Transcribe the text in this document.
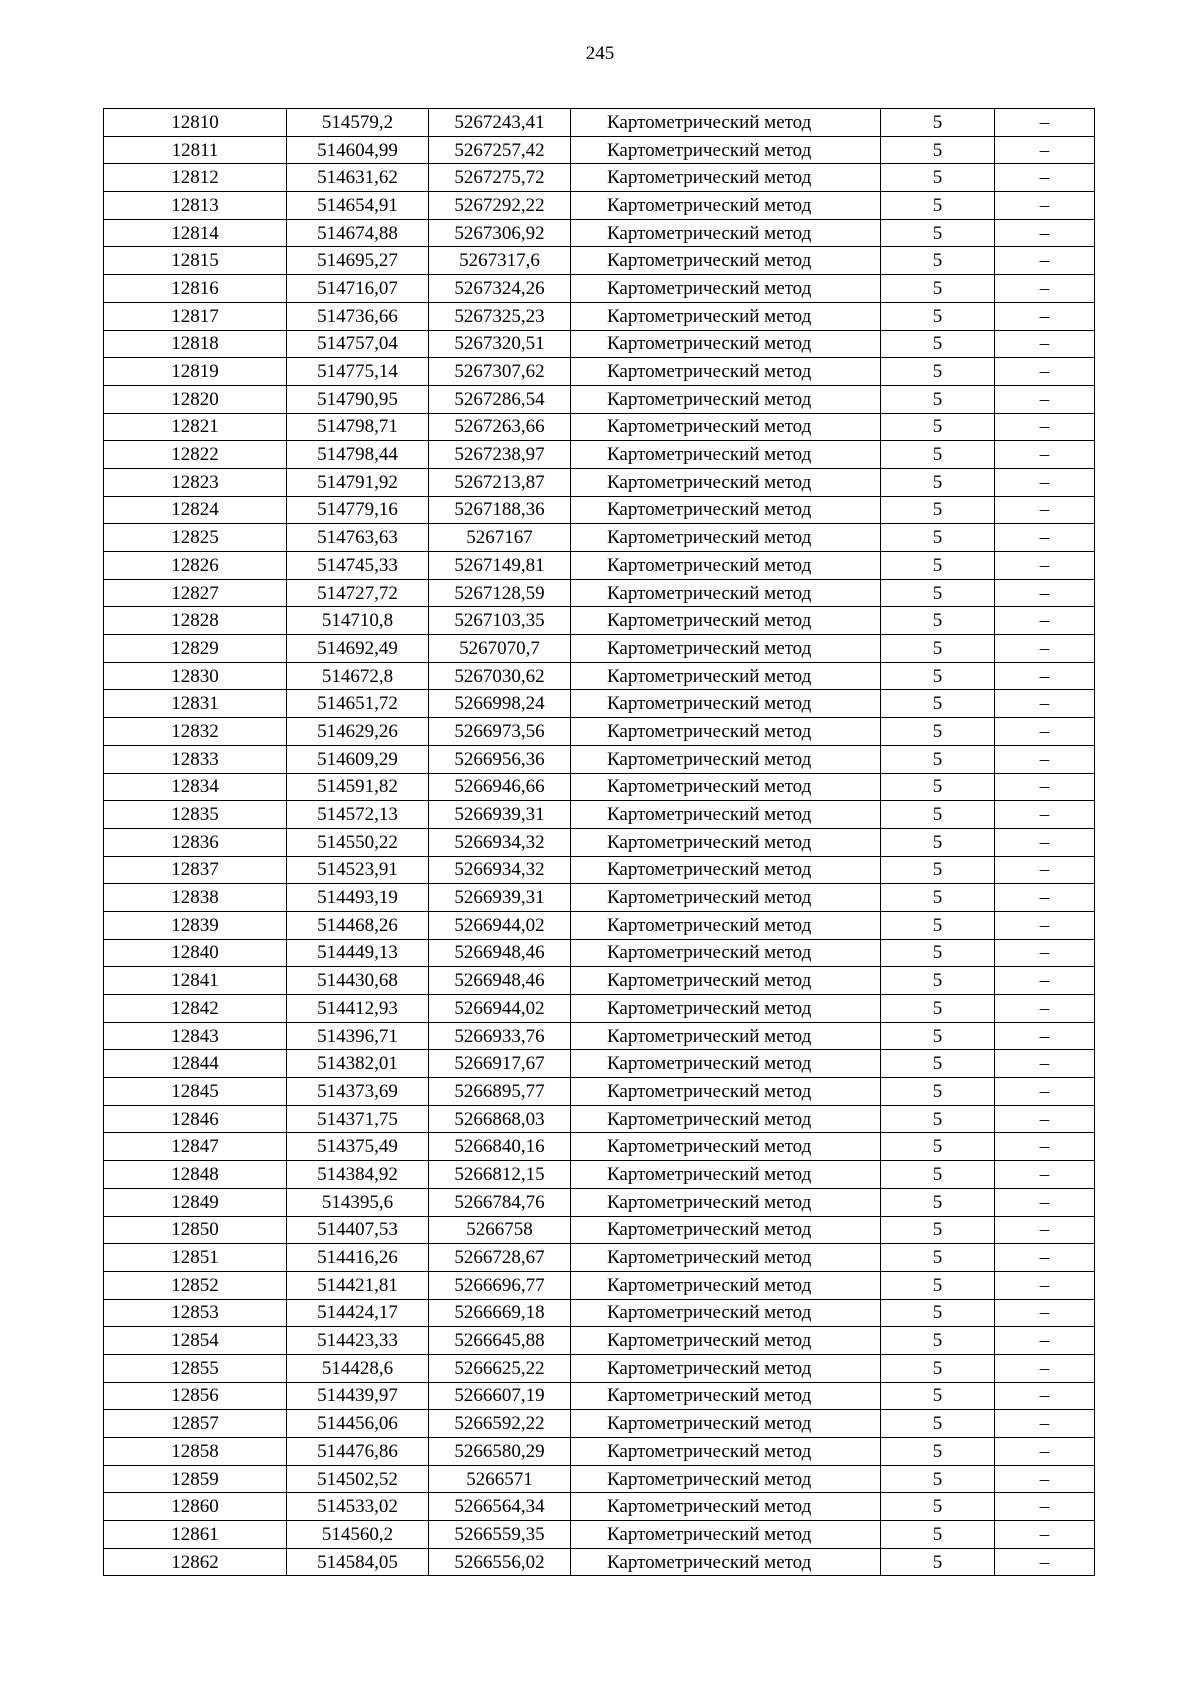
245
12810	514579,2	5267243,41	Картометрический метод	5	–
12811	514604,99	5267257,42	Картометрический метод	5	–
12812	514631,62	5267275,72	Картометрический метод	5	–
12813	514654,91	5267292,22	Картометрический метод	5	–
12814	514674,88	5267306,92	Картометрический метод	5	–
12815	514695,27	5267317,6	Картометрический метод	5	–
12816	514716,07	5267324,26	Картометрический метод	5	–
12817	514736,66	5267325,23	Картометрический метод	5	–
12818	514757,04	5267320,51	Картометрический метод	5	–
12819	514775,14	5267307,62	Картометрический метод	5	–
12820	514790,95	5267286,54	Картометрический метод	5	–
12821	514798,71	5267263,66	Картометрический метод	5	–
12822	514798,44	5267238,97	Картометрический метод	5	–
12823	514791,92	5267213,87	Картометрический метод	5	–
12824	514779,16	5267188,36	Картометрический метод	5	–
12825	514763,63	5267167	Картометрический метод	5	–
12826	514745,33	5267149,81	Картометрический метод	5	–
12827	514727,72	5267128,59	Картометрический метод	5	–
12828	514710,8	5267103,35	Картометрический метод	5	–
12829	514692,49	5267070,7	Картометрический метод	5	–
12830	514672,8	5267030,62	Картометрический метод	5	–
12831	514651,72	5266998,24	Картометрический метод	5	–
12832	514629,26	5266973,56	Картометрический метод	5	–
12833	514609,29	5266956,36	Картометрический метод	5	–
12834	514591,82	5266946,66	Картометрический метод	5	–
12835	514572,13	5266939,31	Картометрический метод	5	–
12836	514550,22	5266934,32	Картометрический метод	5	–
12837	514523,91	5266934,32	Картометрический метод	5	–
12838	514493,19	5266939,31	Картометрический метод	5	–
12839	514468,26	5266944,02	Картометрический метод	5	–
12840	514449,13	5266948,46	Картометрический метод	5	–
12841	514430,68	5266948,46	Картометрический метод	5	–
12842	514412,93	5266944,02	Картометрический метод	5	–
12843	514396,71	5266933,76	Картометрический метод	5	–
12844	514382,01	5266917,67	Картометрический метод	5	–
12845	514373,69	5266895,77	Картометрический метод	5	–
12846	514371,75	5266868,03	Картометрический метод	5	–
12847	514375,49	5266840,16	Картометрический метод	5	–
12848	514384,92	5266812,15	Картометрический метод	5	–
12849	514395,6	5266784,76	Картометрический метод	5	–
12850	514407,53	5266758	Картометрический метод	5	–
12851	514416,26	5266728,67	Картометрический метод	5	–
12852	514421,81	5266696,77	Картометрический метод	5	–
12853	514424,17	5266669,18	Картометрический метод	5	–
12854	514423,33	5266645,88	Картометрический метод	5	–
12855	514428,6	5266625,22	Картометрический метод	5	–
12856	514439,97	5266607,19	Картометрический метод	5	–
12857	514456,06	5266592,22	Картометрический метод	5	–
12858	514476,86	5266580,29	Картометрический метод	5	–
12859	514502,52	5266571	Картометрический метод	5	–
12860	514533,02	5266564,34	Картометрический метод	5	–
12861	514560,2	5266559,35	Картометрический метод	5	–
12862	514584,05	5266556,02	Картометрический метод	5	–
